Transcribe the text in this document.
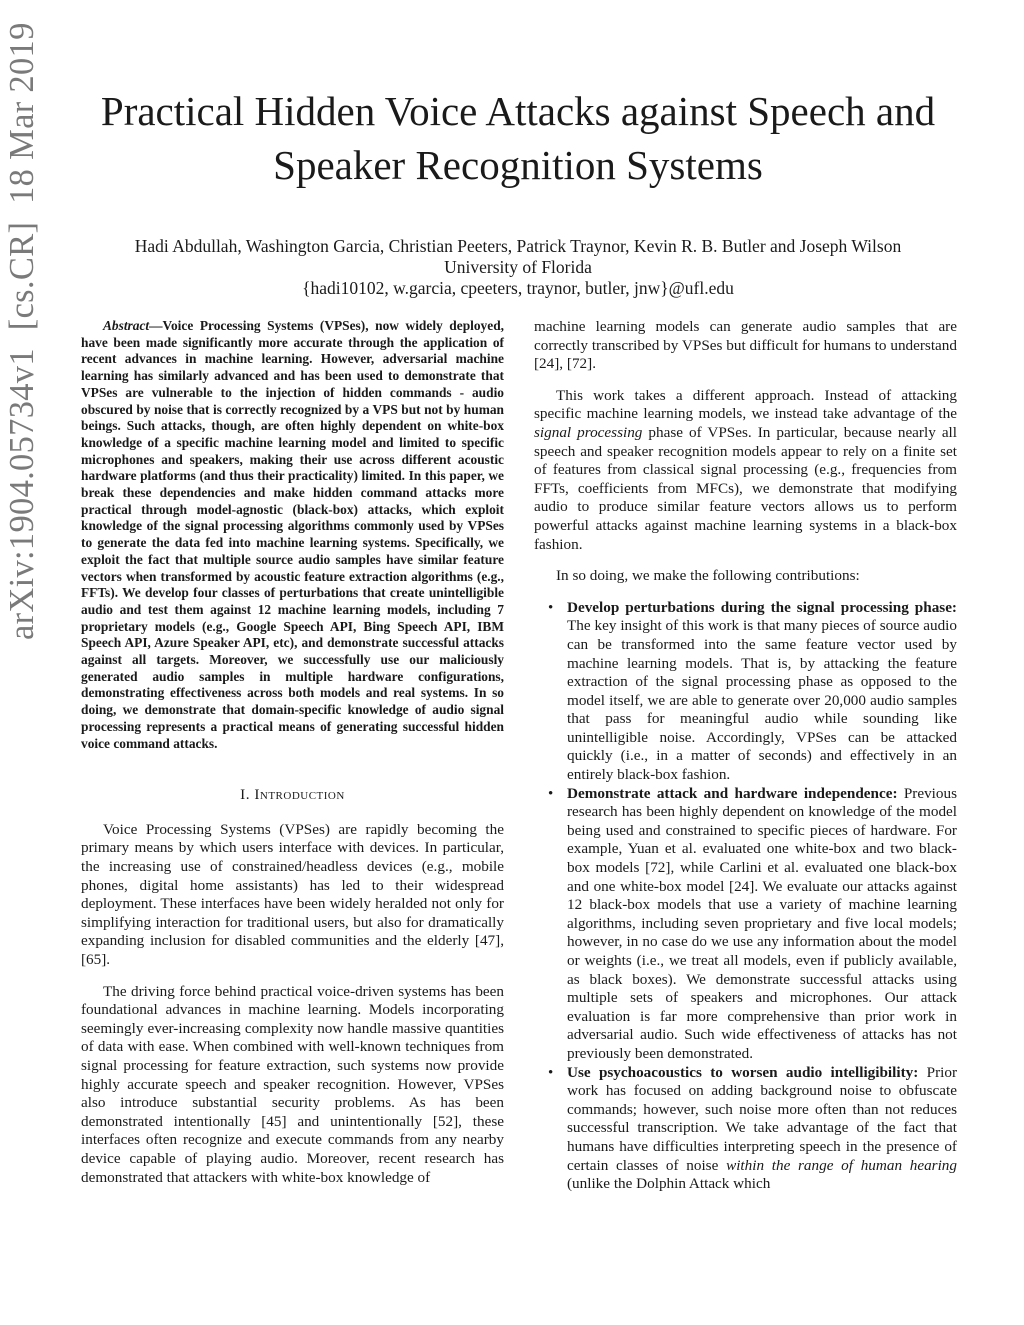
arXiv:1904.05734v1  [cs.CR]  18 Mar 2019	Practical Hidden Voice Attacks against Speech and
Speaker Recognition Systems
Hadi Abdullah, Washington Garcia, Christian Peeters, Patrick Traynor, Kevin R. B. Butler and Joseph Wilson
University of Florida
{hadi10102, w.garcia, cpeeters, traynor, butler, jnw}@ufl.edu

Abstract—Voice Processing Systems (VPSes), now widely deployed, have been made significantly more accurate through the application of recent advances in machine learning. However, adversarial machine learning has similarly advanced and has been used to demonstrate that VPSes are vulnerable to the injection of hidden commands - audio obscured by noise that is correctly recognized by a VPS but not by human beings. Such attacks, though, are often highly dependent on white-box knowledge of a specific machine learning model and limited to specific microphones and speakers, making their use across different acoustic hardware platforms (and thus their practicality) limited. In this paper, we break these dependencies and make hidden command attacks more practical through model-agnostic (black-box) attacks, which exploit knowledge of the signal processing algorithms commonly used by VPSes to generate the data fed into machine learning systems. Specifically, we exploit the fact that multiple source audio samples have similar feature vectors when transformed by acoustic feature extraction algorithms (e.g., FFTs). We develop four classes of perturbations that create unintelligible audio and test them against 12 machine learning models, including 7 proprietary models (e.g., Google Speech API, Bing Speech API, IBM Speech API, Azure Speaker API, etc), and demonstrate successful attacks against all targets. Moreover, we successfully use our maliciously generated audio samples in multiple hardware configurations, demonstrating effectiveness across both models and real systems. In so doing, we demonstrate that domain-specific knowledge of audio signal processing represents a practical means of generating successful hidden voice command attacks.

I. Introduction

Voice Processing Systems (VPSes) are rapidly becoming the primary means by which users interface with devices. In particular, the increasing use of constrained/headless devices (e.g., mobile phones, digital home assistants) has led to their widespread deployment. These interfaces have been widely heralded not only for simplifying interaction for traditional users, but also for dramatically expanding inclusion for disabled communities and the elderly [47], [65].

The driving force behind practical voice-driven systems has been foundational advances in machine learning. Models incorporating seemingly ever-increasing complexity now handle massive quantities of data with ease. When combined with well-known techniques from signal processing for feature extraction, such systems now provide highly accurate speech and speaker recognition. However, VPSes also introduce substantial security problems. As has been demonstrated intentionally [45] and unintentionally [52], these interfaces often recognize and execute commands from any nearby device capable of playing audio. Moreover, recent research has demonstrated that attackers with white-box knowledge of

machine learning models can generate audio samples that are correctly transcribed by VPSes but difficult for humans to understand [24], [72].

This work takes a different approach. Instead of attacking specific machine learning models, we instead take advantage of the signal processing phase of VPSes. In particular, because nearly all speech and speaker recognition models appear to rely on a finite set of features from classical signal processing (e.g., frequencies from FFTs, coefficients from MFCs), we demonstrate that modifying audio to produce similar feature vectors allows us to perform powerful attacks against machine learning systems in a black-box fashion.

In so doing, we make the following contributions:

• Develop perturbations during the signal processing phase: The key insight of this work is that many pieces of source audio can be transformed into the same feature vector used by machine learning models. That is, by attacking the feature extraction of the signal processing phase as opposed to the model itself, we are able to generate over 20,000 audio samples that pass for meaningful audio while sounding like unintelligible noise. Accordingly, VPSes can be attacked quickly (i.e., in a matter of seconds) and effectively in an entirely black-box fashion.
• Demonstrate attack and hardware independence: Previous research has been highly dependent on knowledge of the model being used and constrained to specific pieces of hardware. For example, Yuan et al. evaluated one white-box and two black-box models [72], while Carlini et al. evaluated one black-box and one white-box model [24]. We evaluate our attacks against 12 black-box models that use a variety of machine learning algorithms, including seven proprietary and five local models; however, in no case do we use any information about the model or weights (i.e., we treat all models, even if publicly available, as black boxes). We demonstrate successful attacks using multiple sets of speakers and microphones. Our attack evaluation is far more comprehensive than prior work in adversarial audio. Such wide effectiveness of attacks has not previously been demonstrated.
• Use psychoacoustics to worsen audio intelligibility: Prior work has focused on adding background noise to obfuscate commands; however, such noise more often than not reduces successful transcription. We take advantage of the fact that humans have difficulties interpreting speech in the presence of certain classes of noise within the range of human hearing (unlike the Dolphin Attack which
